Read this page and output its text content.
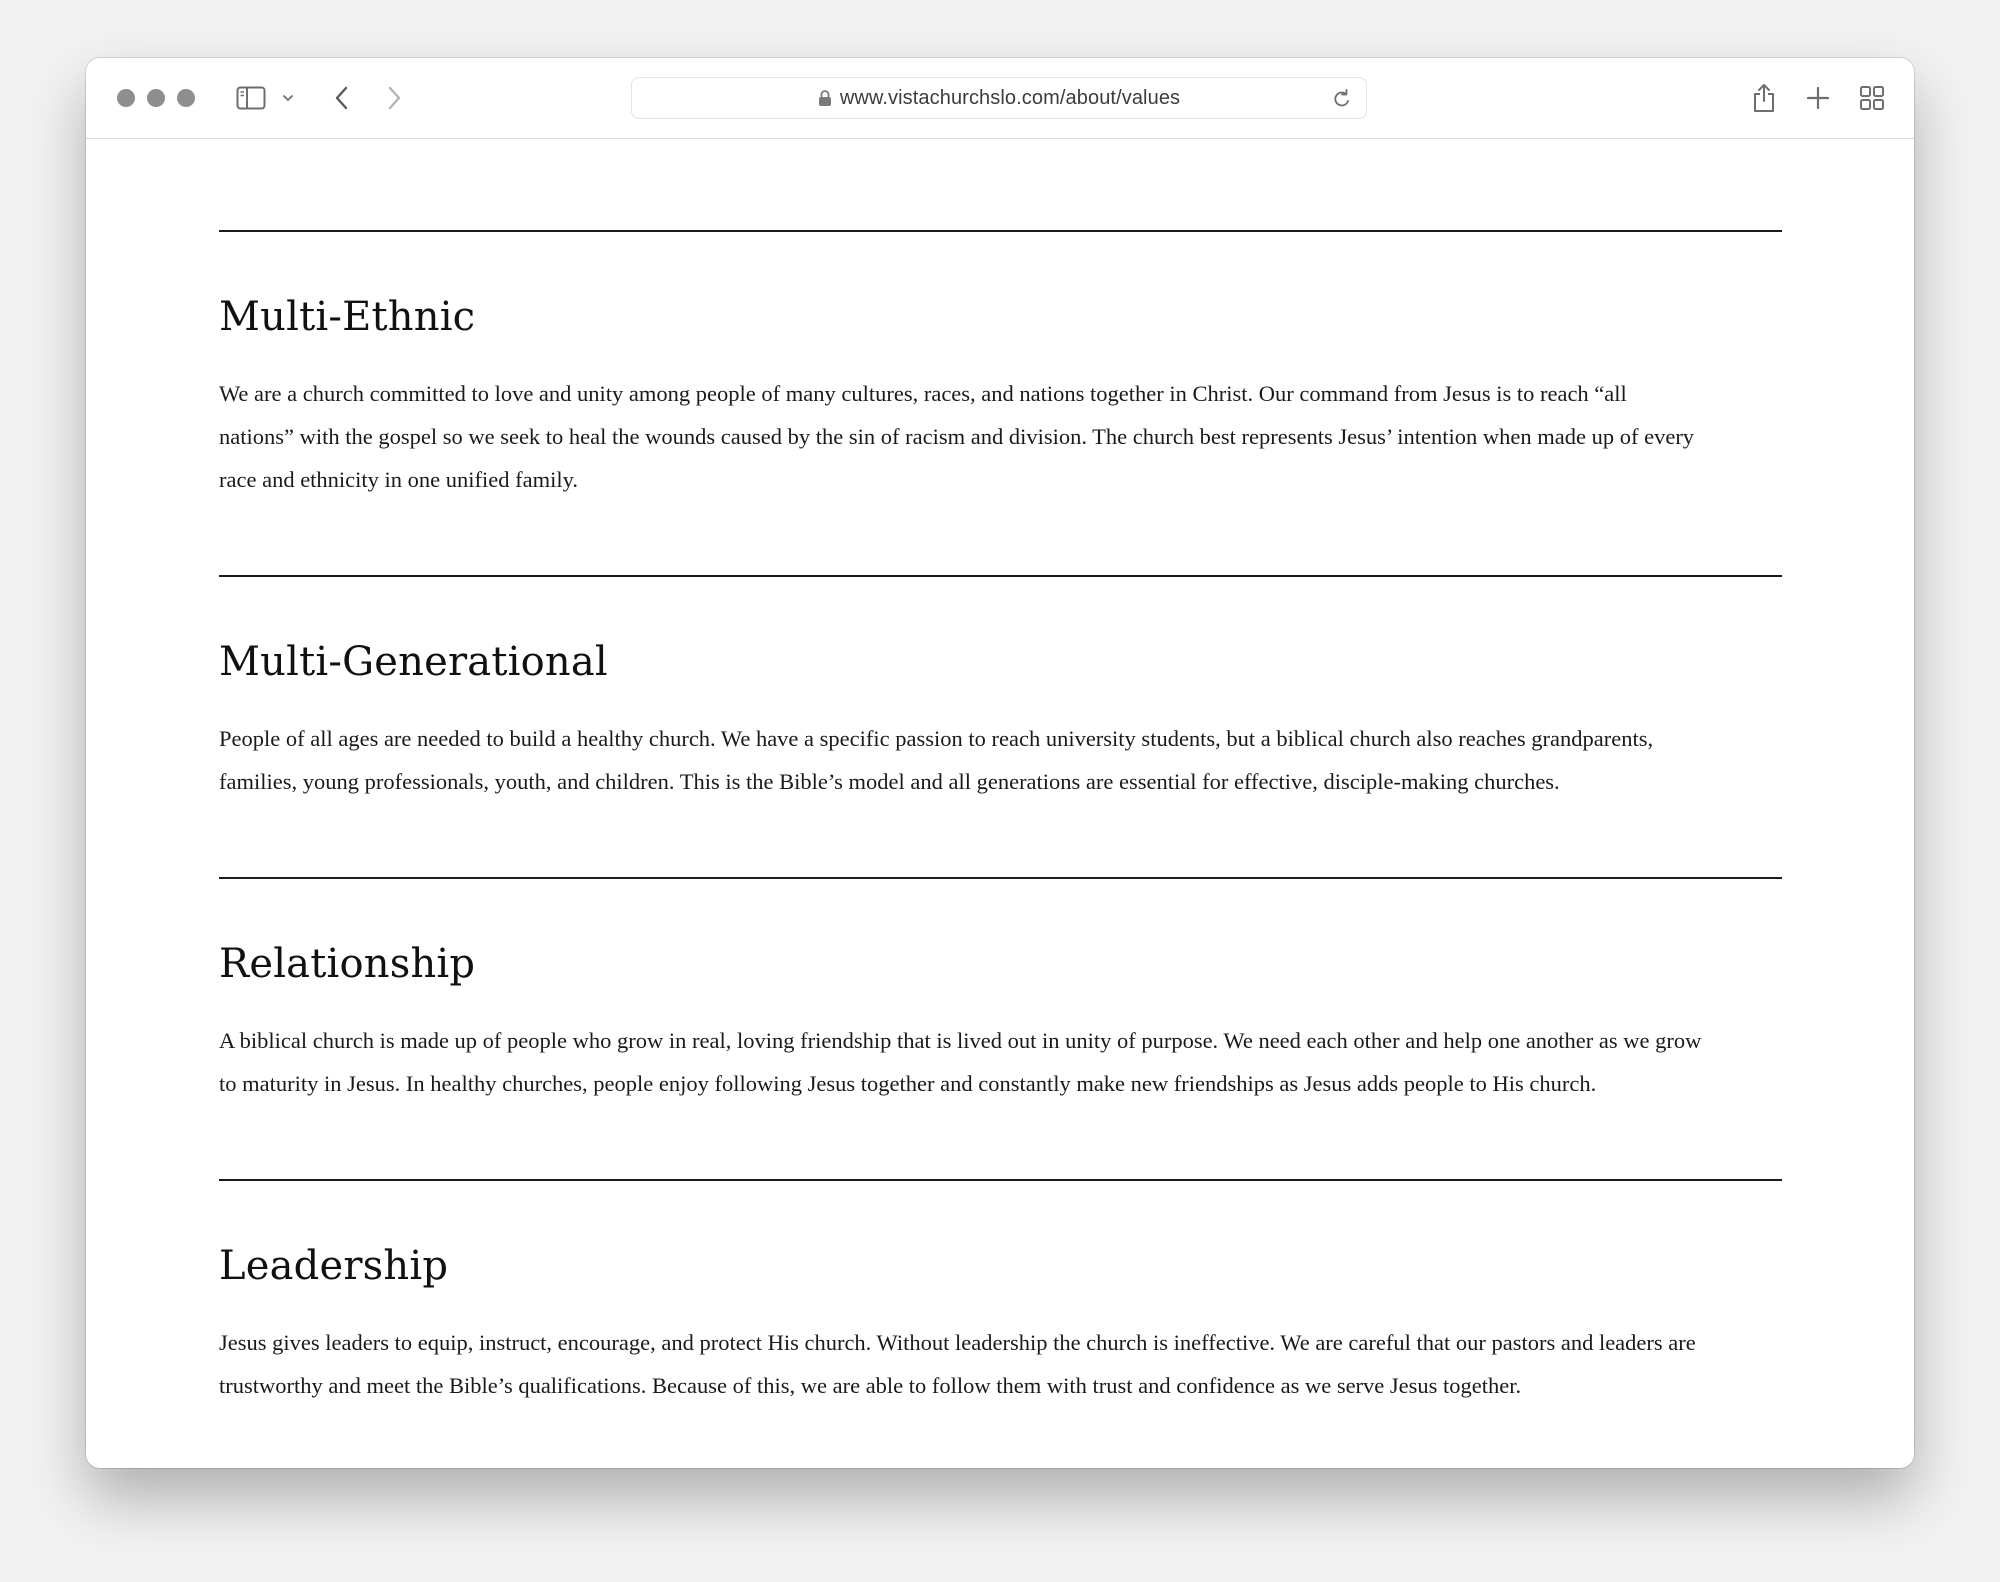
www.vistachurchslo.com/about/values
Multi-Ethnic

We are a church committed to love and unity among people of many cultures, races, and nations together in Christ. Our command from Jesus is to reach “all

nations” with the gospel so we seek to heal the wounds caused by the sin of racism and division. The church best represents Jesus’ intention when made up of every

race and ethnicity in one unified family.

Multi-Generational

People of all ages are needed to build a healthy church. We have a specific passion to reach university students, but a biblical church also reaches grandparents,

families, young professionals, youth, and children. This is the Bible’s model and all generations are essential for effective, disciple-making churches.

Relationship

A biblical church is made up of people who grow in real, loving friendship that is lived out in unity of purpose. We need each other and help one another as we grow

to maturity in Jesus. In healthy churches, people enjoy following Jesus together and constantly make new friendships as Jesus adds people to His church.

Leadership

Jesus gives leaders to equip, instruct, encourage, and protect His church. Without leadership the church is ineffective. We are careful that our pastors and leaders are

trustworthy and meet the Bible’s qualifications. Because of this, we are able to follow them with trust and confidence as we serve Jesus together.
